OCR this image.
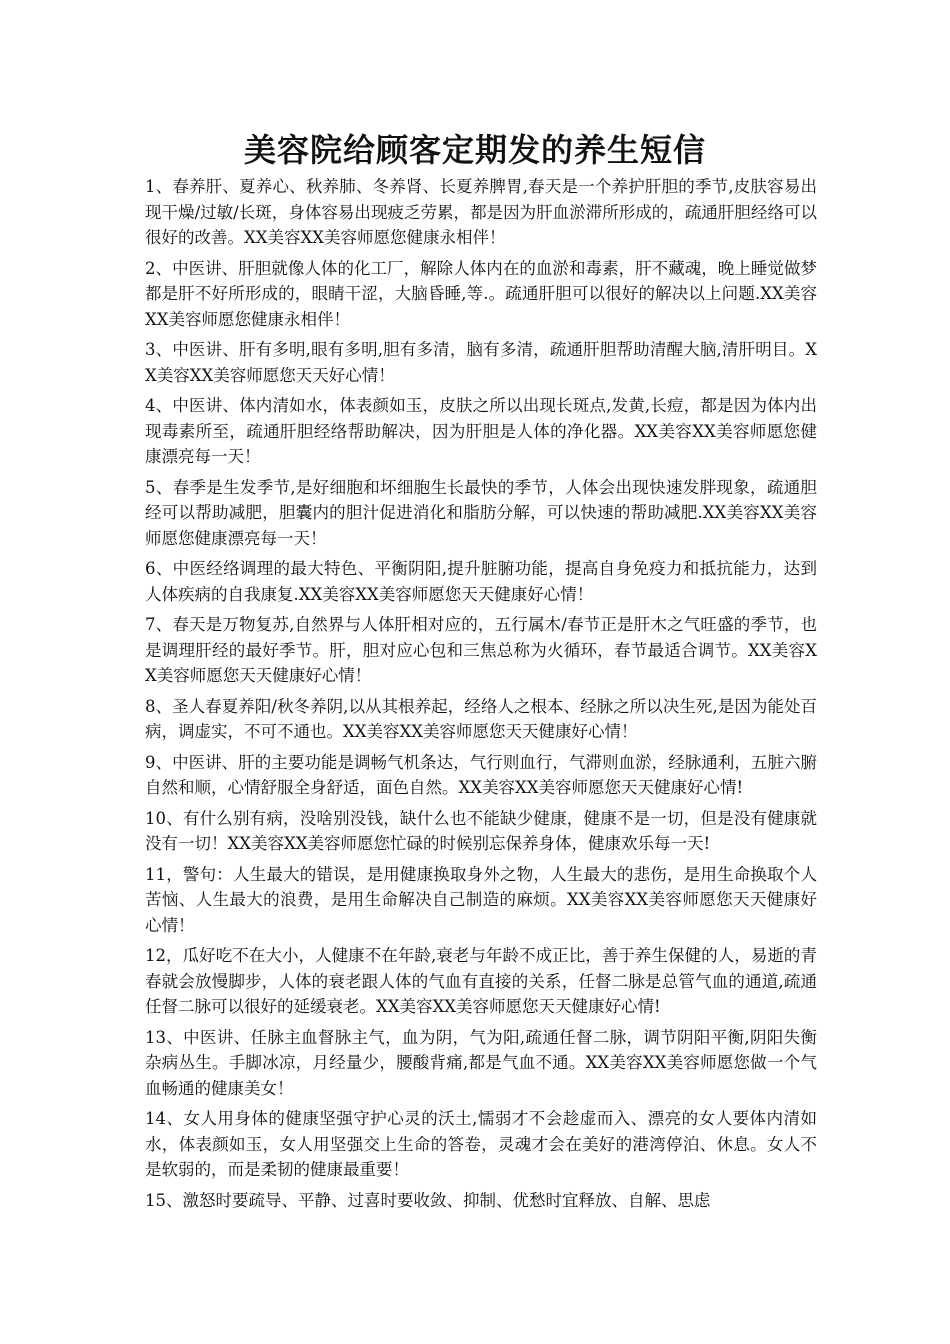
美容院给顾客定期发的养生短信

1、春养肝、夏养心、秋养肺、冬养肾、长夏养脾胃,春天是一个养护肝胆的季节,皮肤容易出现干燥/过敏/长斑，身体容易出现疲乏劳累，都是因为肝血淤滞所形成的，疏通肝胆经络可以很好的改善。XX美容XX美容师愿您健康永相伴！

2、中医讲、肝胆就像人体的化工厂，解除人体内在的血淤和毒素，肝不藏魂，晚上睡觉做梦都是肝不好所形成的，眼睛干涩，大脑昏睡,等.。疏通肝胆可以很好的解决以上问题.XX美容XX美容师愿您健康永相伴！

3、中医讲、肝有多明,眼有多明,胆有多清，脑有多清，疏通肝胆帮助清醒大脑,清肝明目。XX美容XX美容师愿您天天好心情！

4、中医讲、体内清如水，体表颜如玉，皮肤之所以出现长斑点,发黄,长痘，都是因为体内出现毒素所至，疏通肝胆经络帮助解决，因为肝胆是人体的净化器。XX美容XX美容师愿您健康漂亮每一天！

5、春季是生发季节,是好细胞和坏细胞生长最快的季节，人体会出现快速发胖现象，疏通胆经可以帮助减肥，胆囊内的胆汁促进消化和脂肪分解，可以快速的帮助减肥.XX美容XX美容师愿您健康漂亮每一天！

6、中医经络调理的最大特色、平衡阴阳,提升脏腑功能，提高自身免疫力和抵抗能力，达到人体疾病的自我康复.XX美容XX美容师愿您天天健康好心情！

7、春天是万物复苏,自然界与人体肝相对应的，五行属木/春节正是肝木之气旺盛的季节，也是调理肝经的最好季节。肝，胆对应心包和三焦总称为火循环，春节最适合调节。XX美容XX美容师愿您天天健康好心情！

8、圣人春夏养阳/秋冬养阴,以从其根养起，经络人之根本、经脉之所以决生死,是因为能处百病，调虚实，不可不通也。XX美容XX美容师愿您天天健康好心情！

9、中医讲、肝的主要功能是调畅气机条达，气行则血行，气滞则血淤，经脉通利，五脏六腑自然和顺，心情舒服全身舒适，面色自然。XX美容XX美容师愿您天天健康好心情!

10、有什么别有病，没啥别没钱，缺什么也不能缺少健康，健康不是一切，但是没有健康就没有一切！XX美容XX美容师愿您忙碌的时候别忘保养身体，健康欢乐每一天!

11，警句：人生最大的错误，是用健康换取身外之物，人生最大的悲伤，是用生命换取个人苦恼、人生最大的浪费，是用生命解决自己制造的麻烦。XX美容XX美容师愿您天天健康好心情！

12，瓜好吃不在大小，人健康不在年龄,衰老与年龄不成正比，善于养生保健的人，易逝的青春就会放慢脚步，人体的衰老跟人体的气血有直接的关系，任督二脉是总管气血的通道,疏通任督二脉可以很好的延缓衰老。XX美容XX美容师愿您天天健康好心情!

13、中医讲、任脉主血督脉主气，血为阴，气为阳,疏通任督二脉，调节阴阳平衡,阴阳失衡杂病丛生。手脚冰凉，月经量少，腰酸背痛,都是气血不通。XX美容XX美容师愿您做一个气血畅通的健康美女！

14、女人用身体的健康坚强守护心灵的沃土,懦弱才不会趁虚而入、漂亮的女人要体内清如水，体表颜如玉，女人用坚强交上生命的答卷，灵魂才会在美好的港湾停泊、休息。女人不是软弱的，而是柔韧的健康最重要！

15、激怒时要疏导、平静、过喜时要收敛、抑制、优愁时宜释放、自解、思虑
